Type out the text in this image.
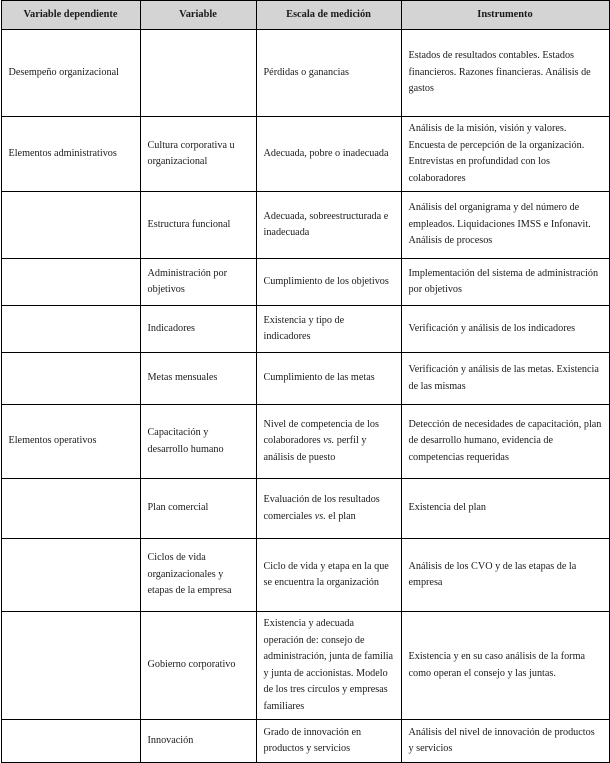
Variable dependiente	Variable	Escala de medición	Instrumento
Desempeño organizacional		Pérdidas o ganancias	Estados de resultados contables. Estados financieros. Razones financieras. Análisis de gastos
Elementos administrativos	Cultura corporativa u organizacional	Adecuada, pobre o inadecuada	Análisis de la misión, visión y valores. Encuesta de percepción de la organización. Entrevistas en profundidad con los colaboradores
	Estructura funcional	Adecuada, sobreestructurada e inadecuada	Análisis del organigrama y del número de empleados. Liquidaciones IMSS e Infonavit. Análisis de procesos
	Administración por objetivos	Cumplimiento de los objetivos	Implementación del sistema de administración por objetivos
	Indicadores	Existencia y tipo de indicadores	Verificación y análisis de los indicadores
	Metas mensuales	Cumplimiento de las metas	Verificación y análisis de las metas. Existencia de las mismas
Elementos operativos	Capacitación y desarrollo humano	Nivel de competencia de los colaboradores vs. perfil y análisis de puesto	Detección de necesidades de capacitación, plan de desarrollo humano, evidencia de competencias requeridas
	Plan comercial	Evaluación de los resultados comerciales vs. el plan	Existencia del plan
	Ciclos de vida organizacionales y etapas de la empresa	Ciclo de vida y etapa en la que se encuentra la organización	Análisis de los CVO y de las etapas de la empresa
	Gobierno corporativo	Existencia y adecuada operación de: consejo de administración, junta de familia y junta de accionistas. Modelo de los tres círculos y empresas familiares	Existencia y en su caso análisis de la forma como operan el consejo y las juntas.
	Innovación	Grado de innovación en productos y servicios	Análisis del nivel de innovación de productos y servicios
